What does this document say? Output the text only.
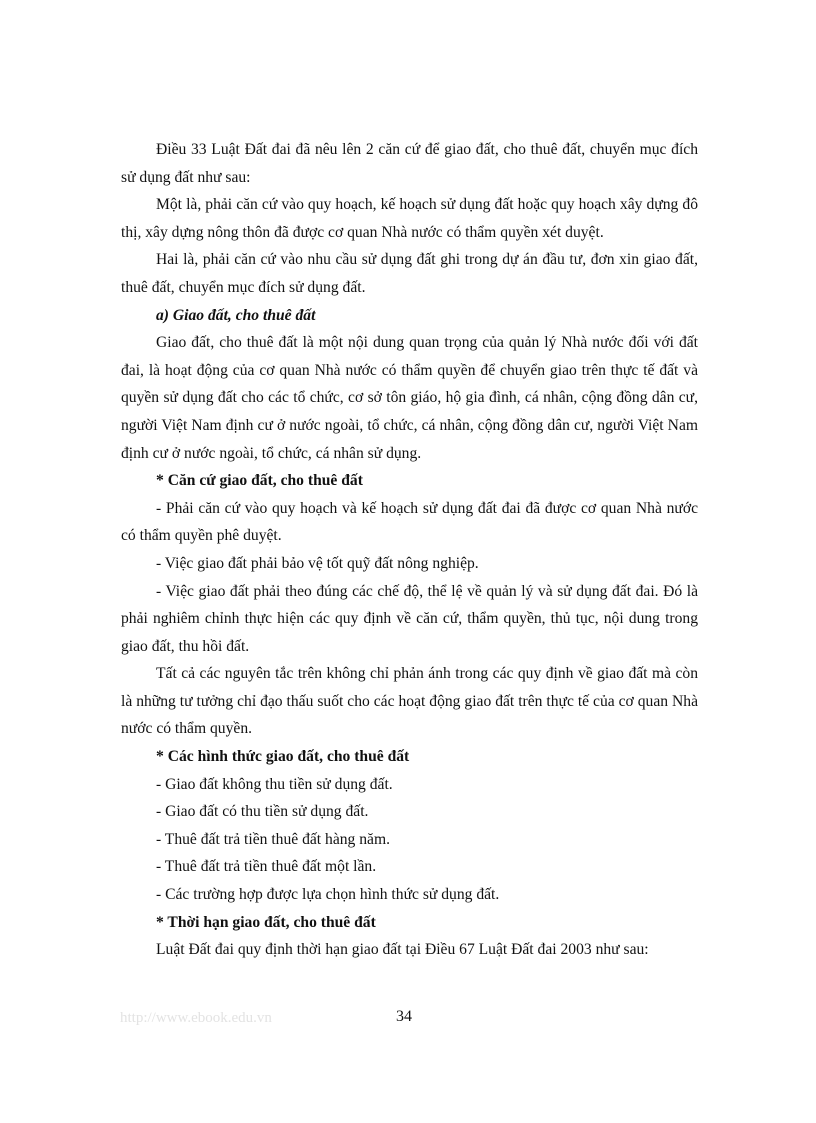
Điều 33 Luật Đất đai đã nêu lên 2 căn cứ để giao đất, cho thuê đất, chuyển mục đích sử dụng đất như sau:

Một là, phải căn cứ vào quy hoạch, kế hoạch sử dụng đất hoặc quy hoạch xây dựng đô thị, xây dựng nông thôn đã được cơ quan Nhà nước có thẩm quyền xét duyệt.

Hai là, phải căn cứ vào nhu cầu sử dụng đất ghi trong dự án đầu tư, đơn xin giao đất, thuê đất, chuyển mục đích sử dụng đất.

a) Giao đất, cho thuê đất

Giao đất, cho thuê đất là một nội dung quan trọng của quản lý Nhà nước đối với đất đai, là hoạt động của cơ quan Nhà nước có thẩm quyền để chuyển giao trên thực tế đất và quyền sử dụng đất cho các tổ chức, cơ sở tôn giáo, hộ gia đình, cá nhân, cộng đồng dân cư, người Việt Nam định cư ở nước ngoài, tổ chức, cá nhân, cộng đồng dân cư, người Việt Nam định cư ở nước ngoài, tổ chức, cá nhân sử dụng.

* Căn cứ giao đất, cho thuê đất

- Phải căn cứ vào quy hoạch và kế hoạch sử dụng đất đai đã được cơ quan Nhà nước có thẩm quyền phê duyệt.

- Việc giao đất phải bảo vệ tốt quỹ đất nông nghiệp.

- Việc giao đất phải theo đúng các chế độ, thể lệ về quản lý và sử dụng đất đai. Đó là phải nghiêm chỉnh thực hiện các quy định về căn cứ, thẩm quyền, thủ tục, nội dung trong giao đất, thu hồi đất.

Tất cả các nguyên tắc trên không chỉ phản ánh trong các quy định về giao đất mà còn là những tư tưởng chỉ đạo thấu suốt cho các hoạt động giao đất trên thực tế của cơ quan Nhà nước có thẩm quyền.

* Các hình thức giao đất, cho thuê đất

- Giao đất không thu tiền sử dụng đất.

- Giao đất có thu tiền sử dụng đất.

- Thuê đất trả tiền thuê đất hàng năm.

- Thuê đất trả tiền thuê đất một lần.

- Các trường hợp được lựa chọn hình thức sử dụng đất.

* Thời hạn giao đất, cho thuê đất

Luật Đất đai quy định thời hạn giao đất tại Điều 67 Luật Đất đai 2003 như sau:

http://www.ebook.edu.vn	34
